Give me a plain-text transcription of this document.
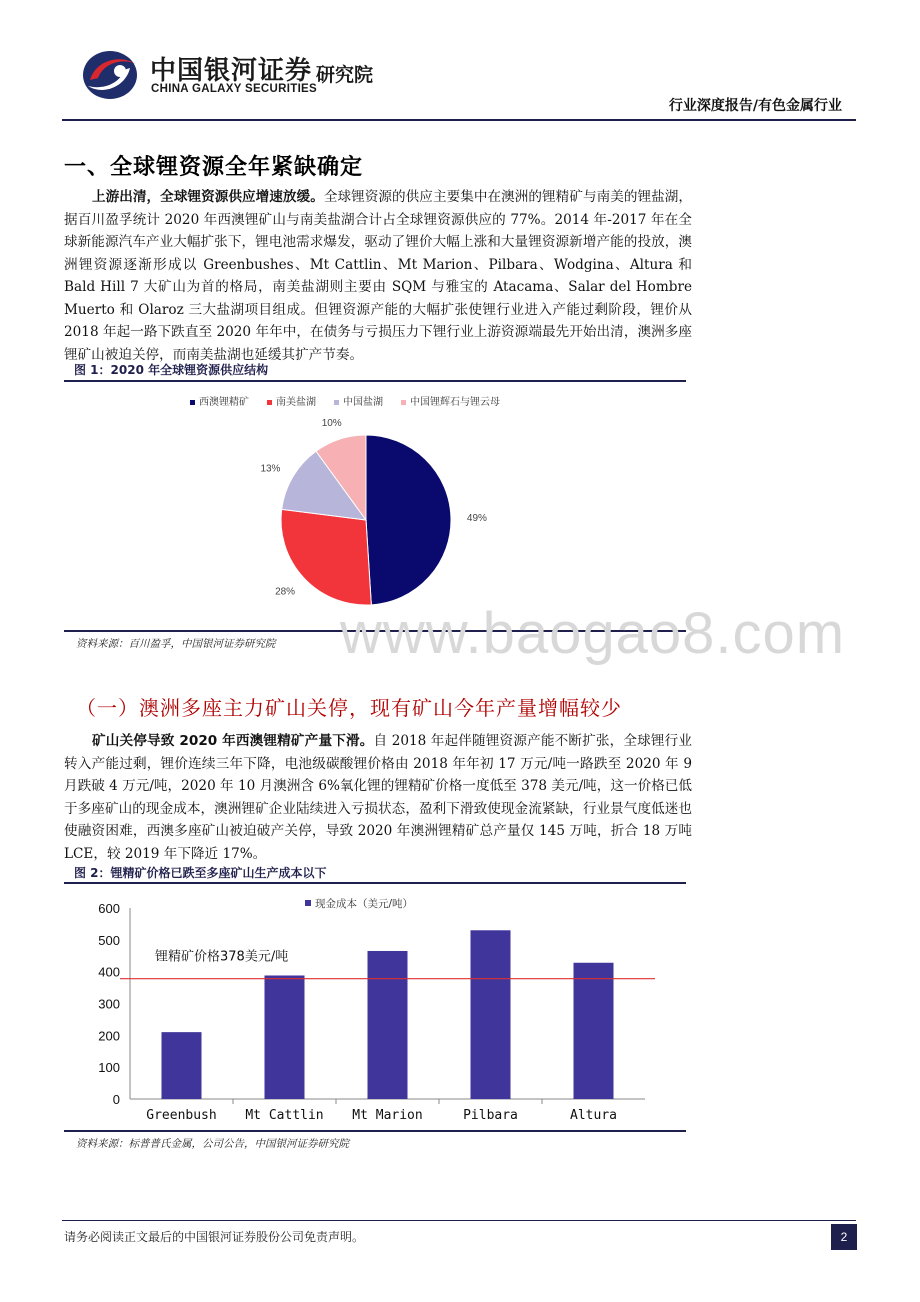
中国银河证券
CHINA GALAXY SECURITIES
研究院
行业深度报告/有色金属行业
一、全球锂资源全年紧缺确定
上游出清，全球锂资源供应增速放缓。全球锂资源的供应主要集中在澳洲的锂精矿与南美的锂盐湖，据百川盈孚统计 2020 年西澳锂矿山与南美盐湖合计占全球锂资源供应的 77%。2014 年-2017 年在全球新能源汽车产业大幅扩张下，锂电池需求爆发，驱动了锂价大幅上涨和大量锂资源新增产能的投放，澳洲锂资源逐渐形成以 Greenbushes、Mt Cattlin、Mt Marion、Pilbara、Wodgina、Altura 和 Bald Hill 7 大矿山为首的格局，南美盐湖则主要由 SQM 与雅宝的 Atacama、Salar del Hombre Muerto 和 Olaroz 三大盐湖项目组成。但锂资源产能的大幅扩张使锂行业进入产能过剩阶段，锂价从 2018 年起一路下跌直至 2020 年年中，在债务与亏损压力下锂行业上游资源端最先开始出清，澳洲多座锂矿山被迫关停，而南美盐湖也延缓其扩产节奏。
图 1：2020 年全球锂资源供应结构
西澳锂精矿	南美盐湖	中国盐湖	中国锂辉石与锂云母
49%
28%
13%
10%
资料来源：百川盈孚，中国银河证券研究院 www.baogao8.com
（一）澳洲多座主力矿山关停，现有矿山今年产量增幅较少
矿山关停导致 2020 年西澳锂精矿产量下滑。自 2018 年起伴随锂资源产能不断扩张，全球锂行业转入产能过剩，锂价连续三年下降，电池级碳酸锂价格由 2018 年年初 17 万元/吨一路跌至 2020 年 9 月跌破 4 万元/吨，2020 年 10 月澳洲含 6%氧化锂的锂精矿价格一度低至 378 美元/吨，这一价格已低于多座矿山的现金成本，澳洲锂矿企业陆续进入亏损状态，盈利下滑致使现金流紧缺，行业景气度低迷也使融资困难，西澳多座矿山被迫破产关停，导致 2020 年澳洲锂精矿总产量仅 145 万吨，折合 18 万吨 LCE，较 2019 年下降近 17%。
图 2：锂精矿价格已跌至多座矿山生产成本以下
0
100
200
300
400
500
600
Greenbush Mt Cattlin Mt Marion	Pilbara	Altura
锂精矿价格378美元/吨
现金成本（美元/吨）
资料来源：标普普氏金属，公司公告，中国银河证券研究院
请务必阅读正文最后的中国银河证券股份公司免责声明。	2
